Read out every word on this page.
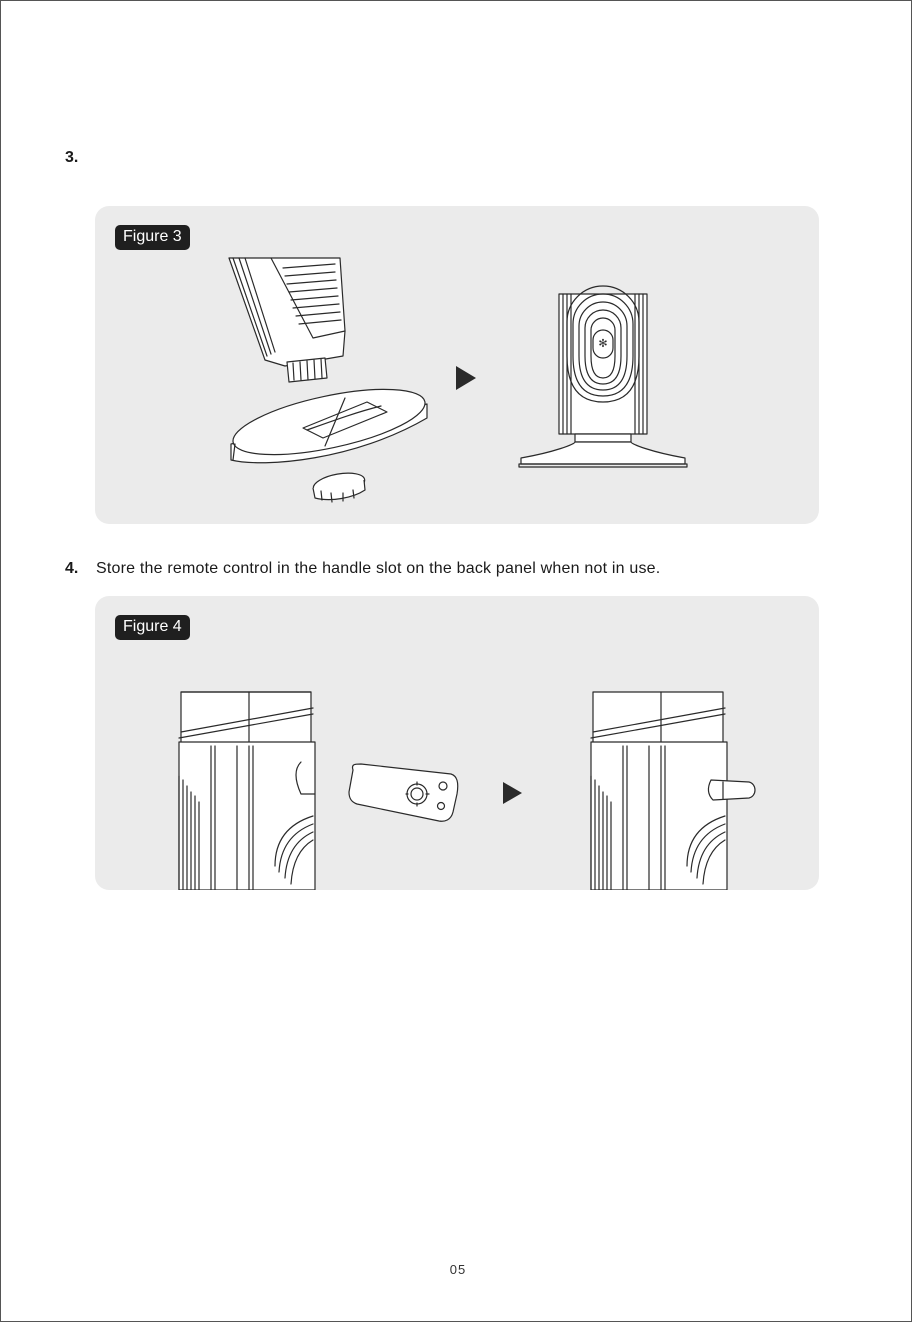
3.
Figure 3
✻
4. Store the remote control in the handle slot on the back panel when not in use.
Figure 4
05
